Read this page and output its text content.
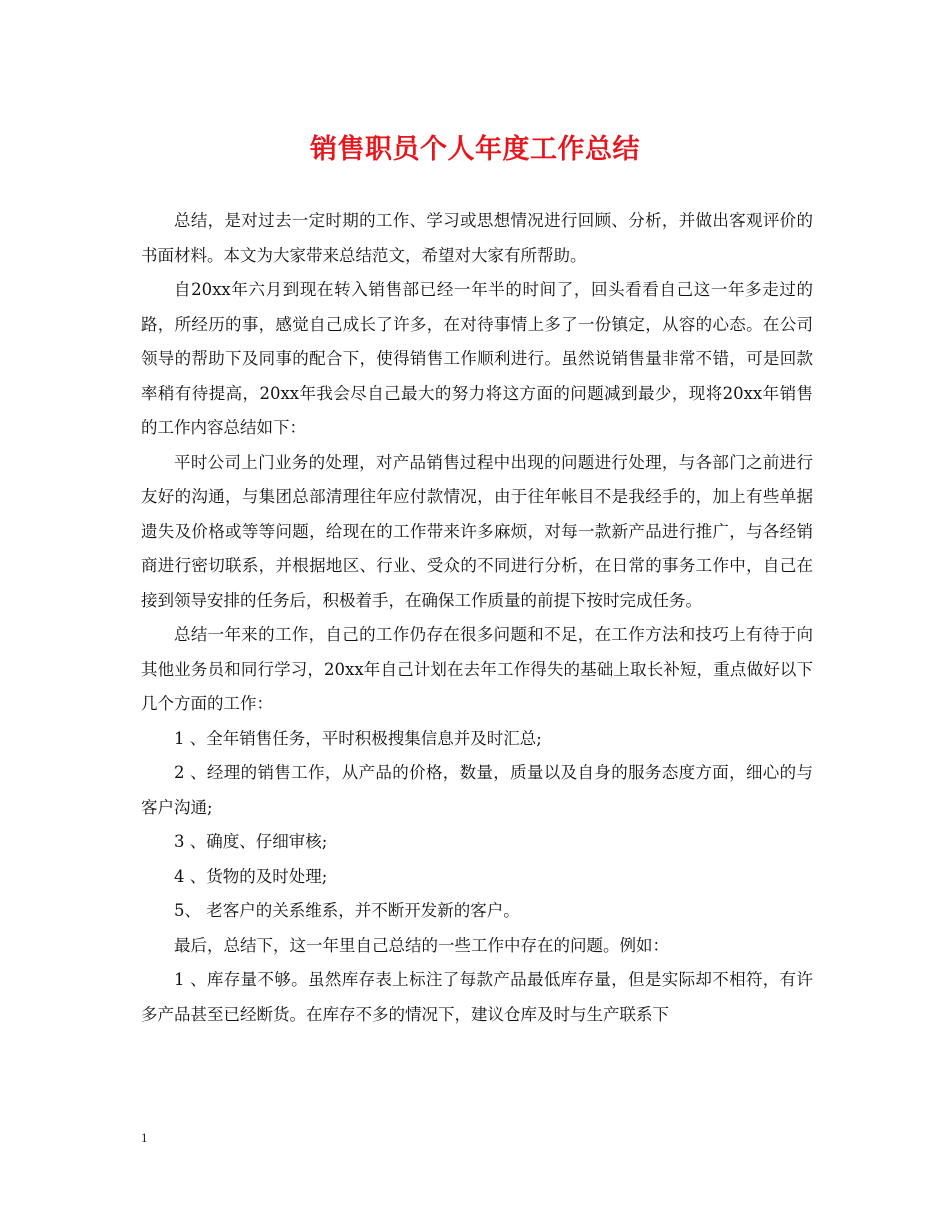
销售职员个人年度工作总结

总结，是对过去一定时期的工作、学习或思想情况进行回顾、分析，并做出客观评价的书面材料。本文为大家带来总结范文，希望对大家有所帮助。

自20xx年六月到现在转入销售部已经一年半的时间了，回头看看自己这一年多走过的路，所经历的事，感觉自己成长了许多，在对待事情上多了一份镇定，从容的心态。在公司领导的帮助下及同事的配合下，使得销售工作顺利进行。虽然说销售量非常不错，可是回款率稍有待提高，20xx年我会尽自己最大的努力将这方面的问题减到最少，现将20xx年销售的工作内容总结如下：

平时公司上门业务的处理，对产品销售过程中出现的问题进行处理，与各部门之前进行友好的沟通，与集团总部清理往年应付款情况，由于往年帐目不是我经手的，加上有些单据遗失及价格或等等问题，给现在的工作带来许多麻烦，对每一款新产品进行推广，与各经销商进行密切联系，并根据地区、行业、受众的不同进行分析，在日常的事务工作中，自己在接到领导安排的任务后，积极着手，在确保工作质量的前提下按时完成任务。

总结一年来的工作，自己的工作仍存在很多问题和不足，在工作方法和技巧上有待于向其他业务员和同行学习，20xx年自己计划在去年工作得失的基础上取长补短，重点做好以下几个方面的工作：

1 、全年销售任务，平时积极搜集信息并及时汇总;

2 、经理的销售工作，从产品的价格，数量，质量以及自身的服务态度方面，细心的与客户沟通;

3 、确度、仔细审核;

4 、货物的及时处理;

5、 老客户的关系维系，并不断开发新的客户。

最后，总结下，这一年里自己总结的一些工作中存在的问题。例如：

1 、库存量不够。虽然库存表上标注了每款产品最低库存量，但是实际却不相符，有许多产品甚至已经断货。在库存不多的情况下，建议仓库及时与生产联系下

1
